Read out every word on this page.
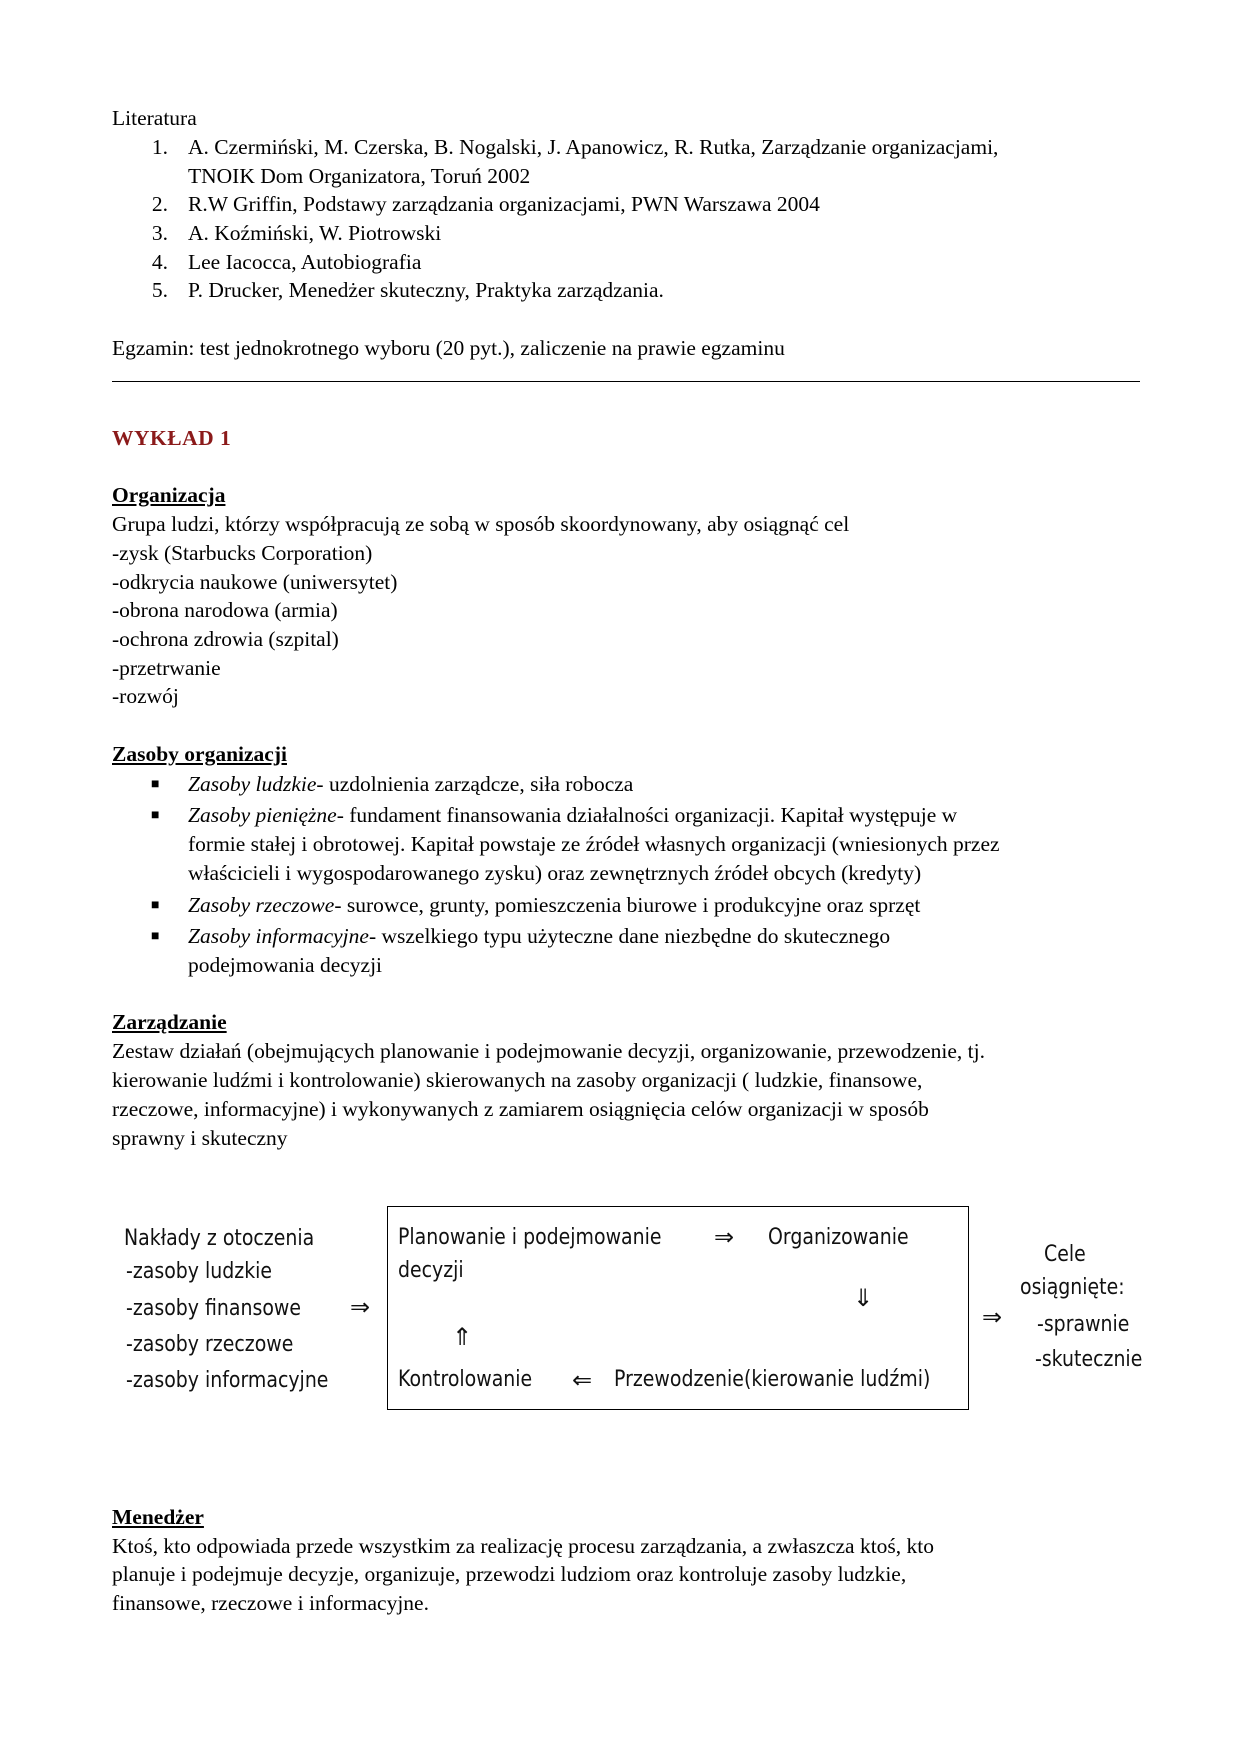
Literatura
1. A. Czermiński, M. Czerska, B. Nogalski, J. Apanowicz, R. Rutka, Zarządzanie organizacjami,
TNOIK Dom Organizatora, Toruń 2002
2. R.W Griffin, Podstawy zarządzania organizacjami, PWN Warszawa 2004
3. A. Koźmiński, W. Piotrowski
4. Lee Iacocca, Autobiografia
5. P. Drucker, Menedżer skuteczny, Praktyka zarządzania.
Egzamin: test jednokrotnego wyboru (20 pyt.), zaliczenie na prawie egzaminu
WYKŁAD 1
Organizacja
Grupa ludzi, którzy współpracują ze sobą w sposób skoordynowany, aby osiągnąć cel
-zysk (Starbucks Corporation)
-odkrycia naukowe (uniwersytet)
-obrona narodowa (armia)
-ochrona zdrowia (szpital)
-przetrwanie
-rozwój
Zasoby organizacji
■ Zasoby ludzkie- uzdolnienia zarządcze, siła robocza
■ Zasoby pieniężne- fundament finansowania działalności organizacji. Kapitał występuje w
formie stałej i obrotowej. Kapitał powstaje ze źródeł własnych organizacji (wniesionych przez
właścicieli i wygospodarowanego zysku) oraz zewnętrznych źródeł obcych (kredyty)
■ Zasoby rzeczowe- surowce, grunty, pomieszczenia biurowe i produkcyjne oraz sprzęt
■ Zasoby informacyjne- wszelkiego typu użyteczne dane niezbędne do skutecznego
podejmowania decyzji
Zarządzanie
Zestaw działań (obejmujących planowanie i podejmowanie decyzji, organizowanie, przewodzenie, tj.
kierowanie ludźmi i kontrolowanie) skierowanych na zasoby organizacji ( ludzkie, finansowe,
rzeczowe, informacyjne) i wykonywanych z zamiarem osiągnięcia celów organizacji w sposób
sprawny i skuteczny
Nakłady z otoczenia
-zasoby ludzkie
-zasoby finansowe
-zasoby rzeczowe
-zasoby informacyjne
⇒
Planowanie i podejmowanie
decyzji
⇒ Organizowanie
⇓
⇑
Kontrolowanie ⇐ Przewodzenie(kierowanie ludźmi)
⇒
Cele
osiągnięte:
-sprawnie
-skutecznie
Menedżer
Ktoś, kto odpowiada przede wszystkim za realizację procesu zarządzania, a zwłaszcza ktoś, kto
planuje i podejmuje decyzje, organizuje, przewodzi ludziom oraz kontroluje zasoby ludzkie,
finansowe, rzeczowe i informacyjne.
